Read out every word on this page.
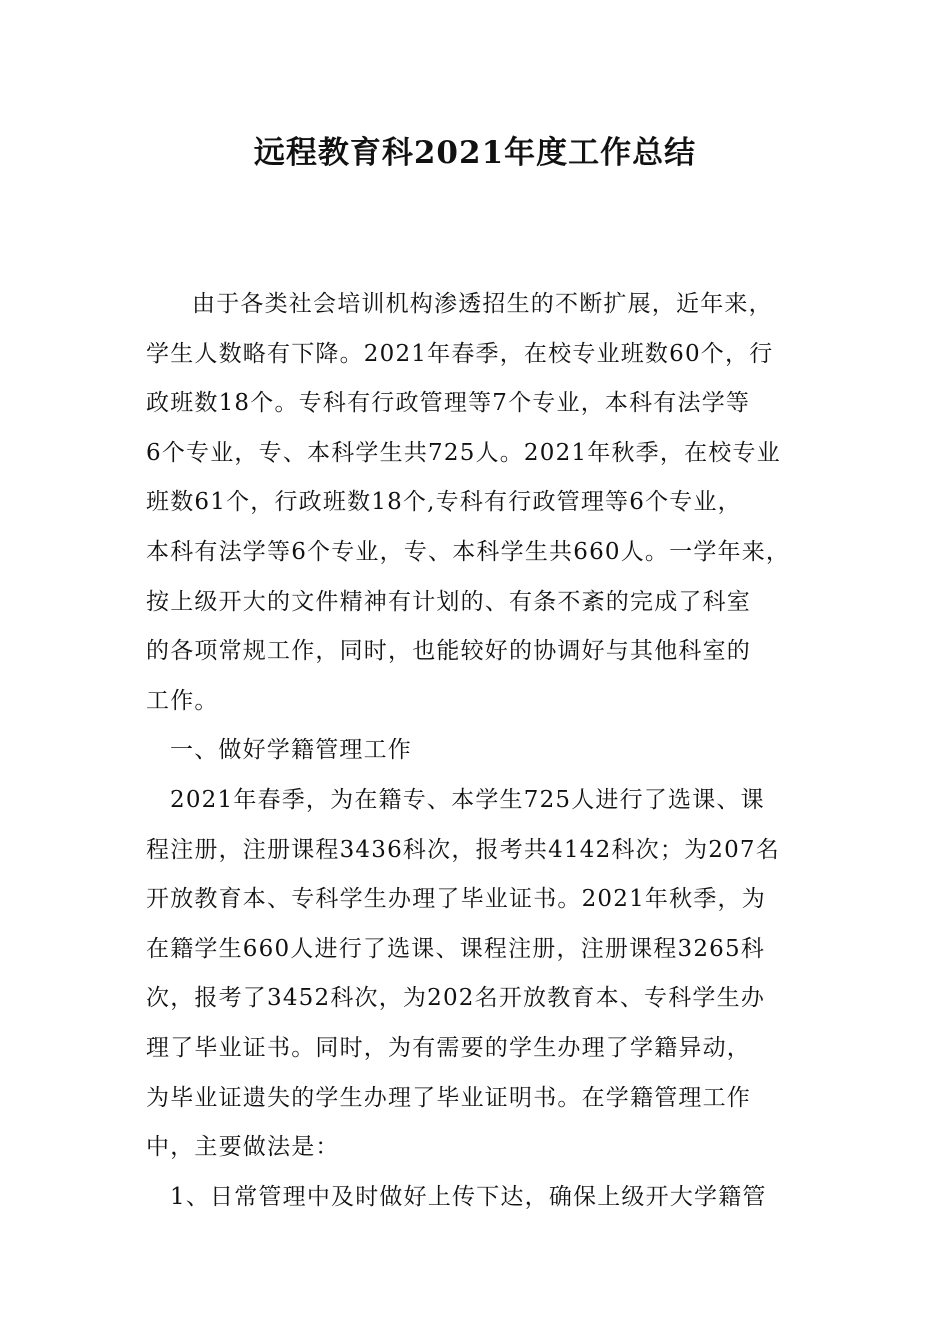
远程教育科2021年度工作总结
由于各类社会培训机构渗透招生的不断扩展，近年来，
学生人数略有下降。2021年春季，在校专业班数60个，行
政班数18个。专科有行政管理等7个专业，本科有法学等
6个专业，专、本科学生共725人。2021年秋季，在校专业
班数61个，行政班数18个,专科有行政管理等6个专业，
本科有法学等6个专业，专、本科学生共660人。一学年来，
按上级开大的文件精神有计划的、有条不紊的完成了科室
的各项常规工作，同时，也能较好的协调好与其他科室的
工作。
一、做好学籍管理工作
2021年春季，为在籍专、本学生725人进行了选课、课
程注册，注册课程3436科次，报考共4142科次；为207名
开放教育本、专科学生办理了毕业证书。2021年秋季，为
在籍学生660人进行了选课、课程注册，注册课程3265科
次，报考了3452科次，为202名开放教育本、专科学生办
理了毕业证书。同时，为有需要的学生办理了学籍异动，
为毕业证遗失的学生办理了毕业证明书。在学籍管理工作
中，主要做法是：
1、日常管理中及时做好上传下达，确保上级开大学籍管
